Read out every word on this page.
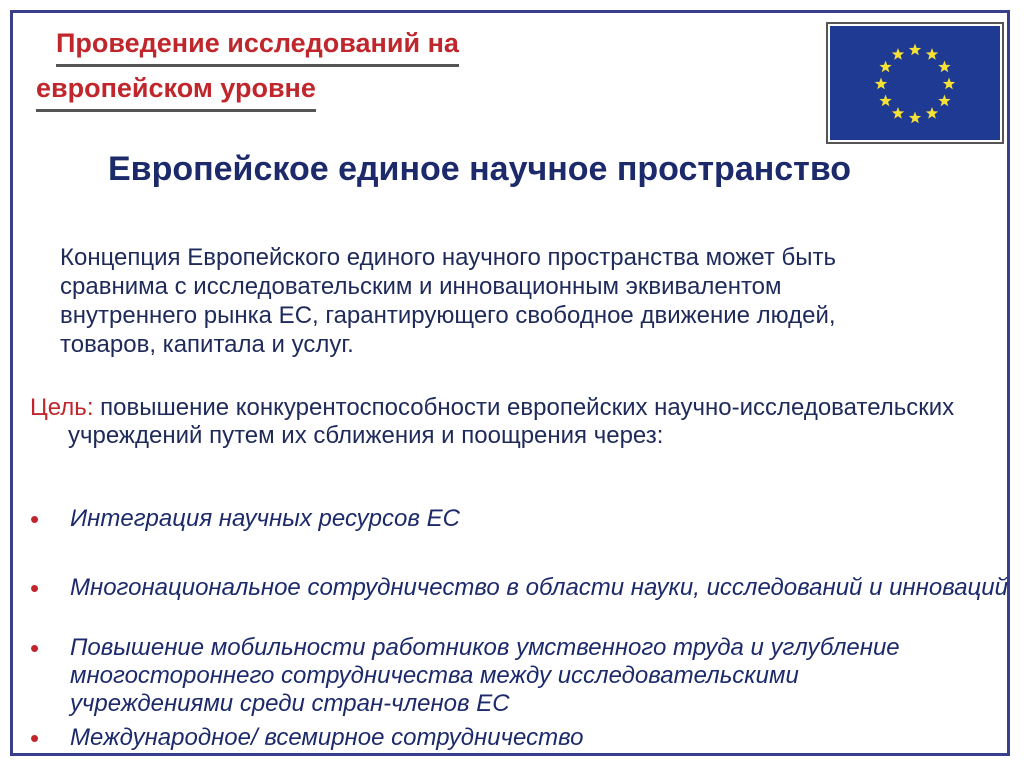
Проведение исследований на
европейском уровне
Европейское единое научное пространство

Концепция Европейского единого научного пространства может быть

сравнима с исследовательским и инновационным эквивалентом

внутреннего рынка ЕС, гарантирующего свободное движение людей,

товаров, капитала и услуг.

Цель: повышение конкурентоспособности европейских научно-исследовательских учреждений путем их сближения и поощрения через:
•	Интеграция научных ресурсов ЕС
•	Многонациональное сотрудничество в области науки, исследований и инноваций
•	Повышение мобильности работников умственного труда и углубление многостороннего сотрудничества между исследовательскими учреждениями среди стран-членов ЕС
•	Международное/ всемирное сотрудничество
